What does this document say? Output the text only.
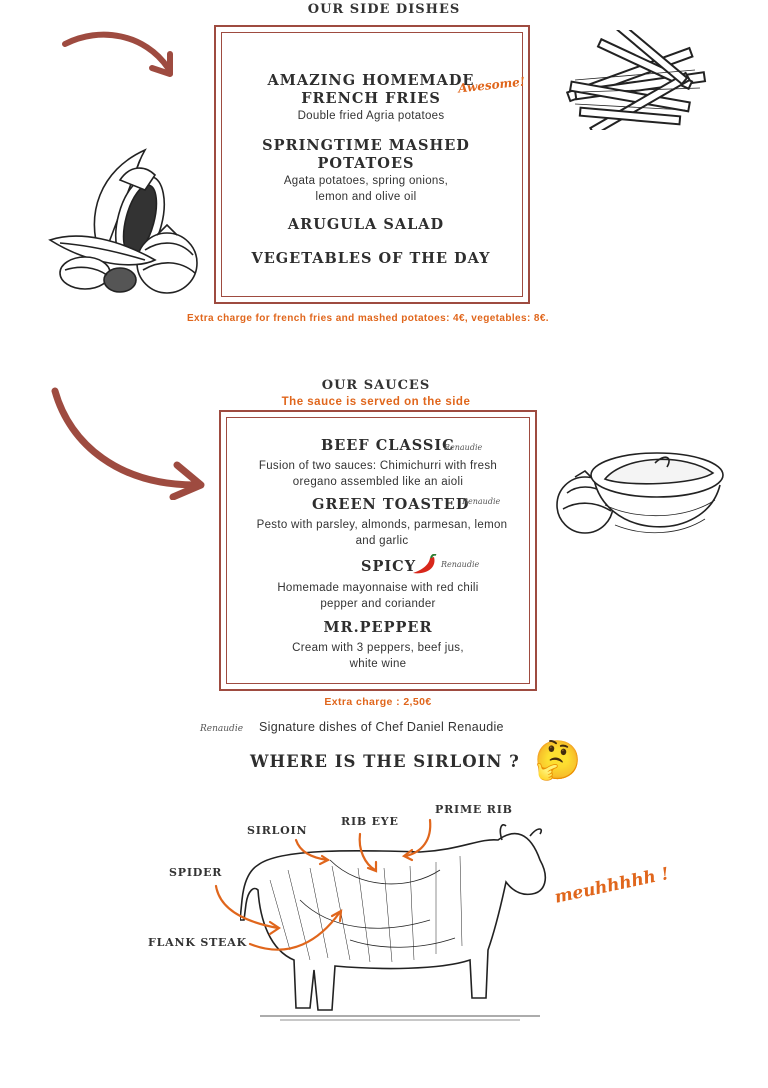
OUR SIDE DISHES
AMAZING HOMEMADE
FRENCH FRIES
Double fried Agria potatoes
Awesome!
SPRINGTIME MASHED
POTATOES
Agata potatoes, spring onions,
lemon and olive oil
ARUGULA SALAD
VEGETABLES OF THE DAY
Extra charge for french fries and mashed potatoes: 4€, vegetables: 8€.
OUR SAUCES
The sauce is served on the side
BEEF CLASSIC
Renaudie
Fusion of two sauces: Chimichurri with fresh
oregano assembled like an aioli
GREEN TOASTED
Renaudie
Pesto with parsley, almonds, parmesan, lemon
and garlic
SPICY	Renaudie
Homemade mayonnaise with red chili
pepper and coriander
MR.PEPPER
Cream with 3 peppers, beef jus,
white wine
Extra charge : 2,50€
Renaudie Signature dishes of Chef Daniel Renaudie
WHERE IS THE SIRLOIN ? 🤔
SIRLOIN
RIB EYE
PRIME RIB
SPIDER
FLANK STEAK
meuhhhhh !
